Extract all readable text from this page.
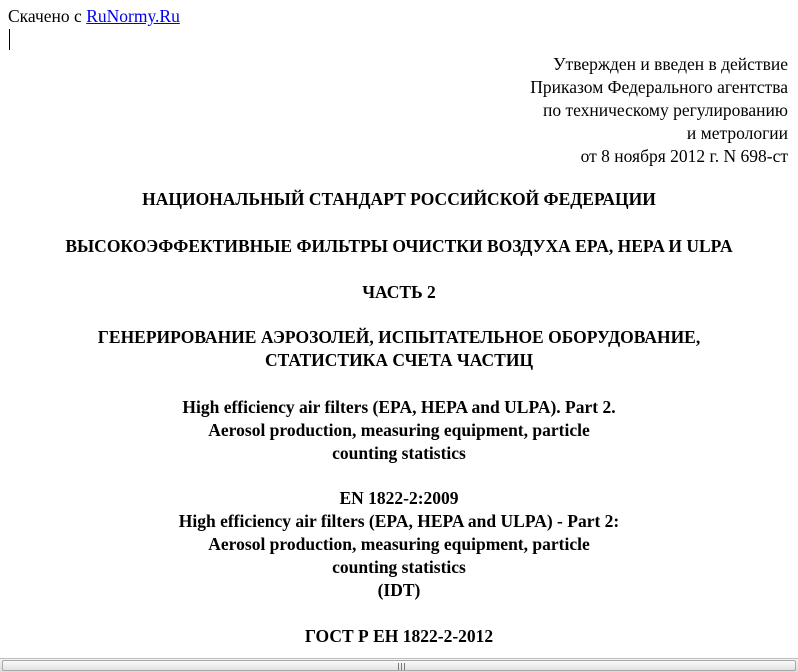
Скачено с RuNormy.Ru
Утвержден и введен в действие
Приказом Федерального агентства
по техническому регулированию
и метрологии
от 8 ноября 2012 г. N 698-ст
НАЦИОНАЛЬНЫЙ СТАНДАРТ РОССИЙСКОЙ ФЕДЕРАЦИИ
ВЫСОКОЭФФЕКТИВНЫЕ ФИЛЬТРЫ ОЧИСТКИ ВОЗДУХА EPA, HEPA И ULPA
ЧАСТЬ 2
ГЕНЕРИРОВАНИЕ АЭРОЗОЛЕЙ, ИСПЫТАТЕЛЬНОЕ ОБОРУДОВАНИЕ,
СТАТИСТИКА СЧЕТА ЧАСТИЦ
High efficiency air filters (EPA, HEPA and ULPA). Part 2.
Aerosol production, measuring equipment, particle
counting statistics
EN 1822-2:2009
High efficiency air filters (EPA, HEPA and ULPA) - Part 2:
Aerosol production, measuring equipment, particle
counting statistics
(IDT)
ГОСТ Р ЕН 1822-2-2012
